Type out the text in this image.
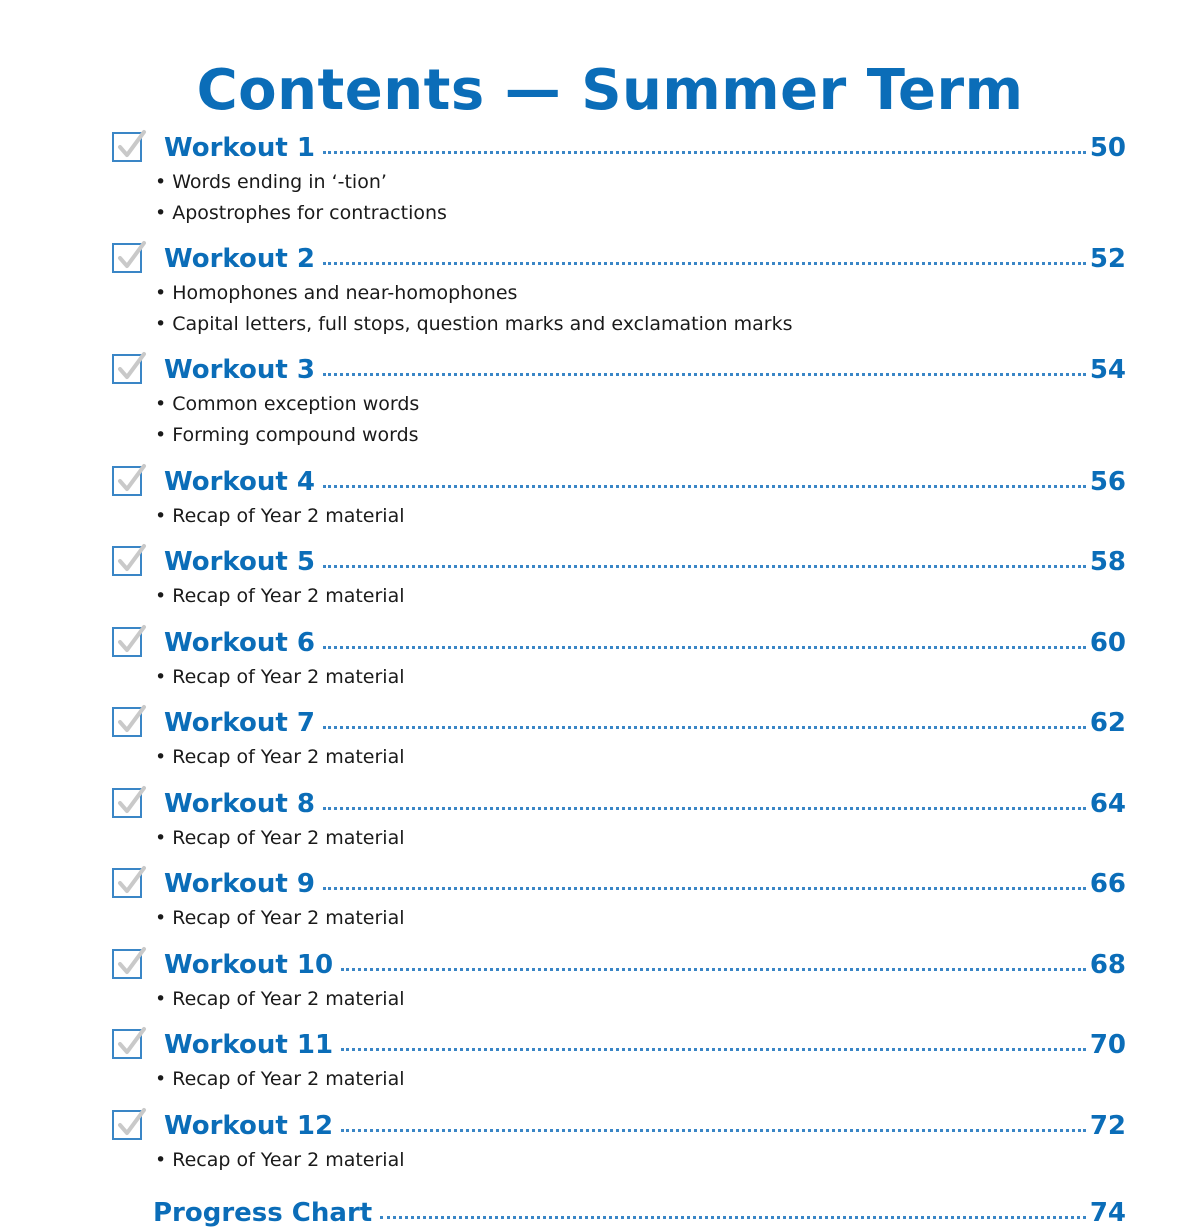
Contents — Summer Term
Workout 1	50
• Words ending in ‘-tion’
• Apostrophes for contractions
Workout 2	52
• Homophones and near-homophones
• Capital letters, full stops, question marks and exclamation marks
Workout 3	54
• Common exception words
• Forming compound words
Workout 4	56
• Recap of Year 2 material
Workout 5	58
• Recap of Year 2 material
Workout 6	60
• Recap of Year 2 material
Workout 7	62
• Recap of Year 2 material
Workout 8	64
• Recap of Year 2 material
Workout 9	66
• Recap of Year 2 material
Workout 10	68
• Recap of Year 2 material
Workout 11	70
• Recap of Year 2 material
Workout 12	72
• Recap of Year 2 material
Progress Chart	74
